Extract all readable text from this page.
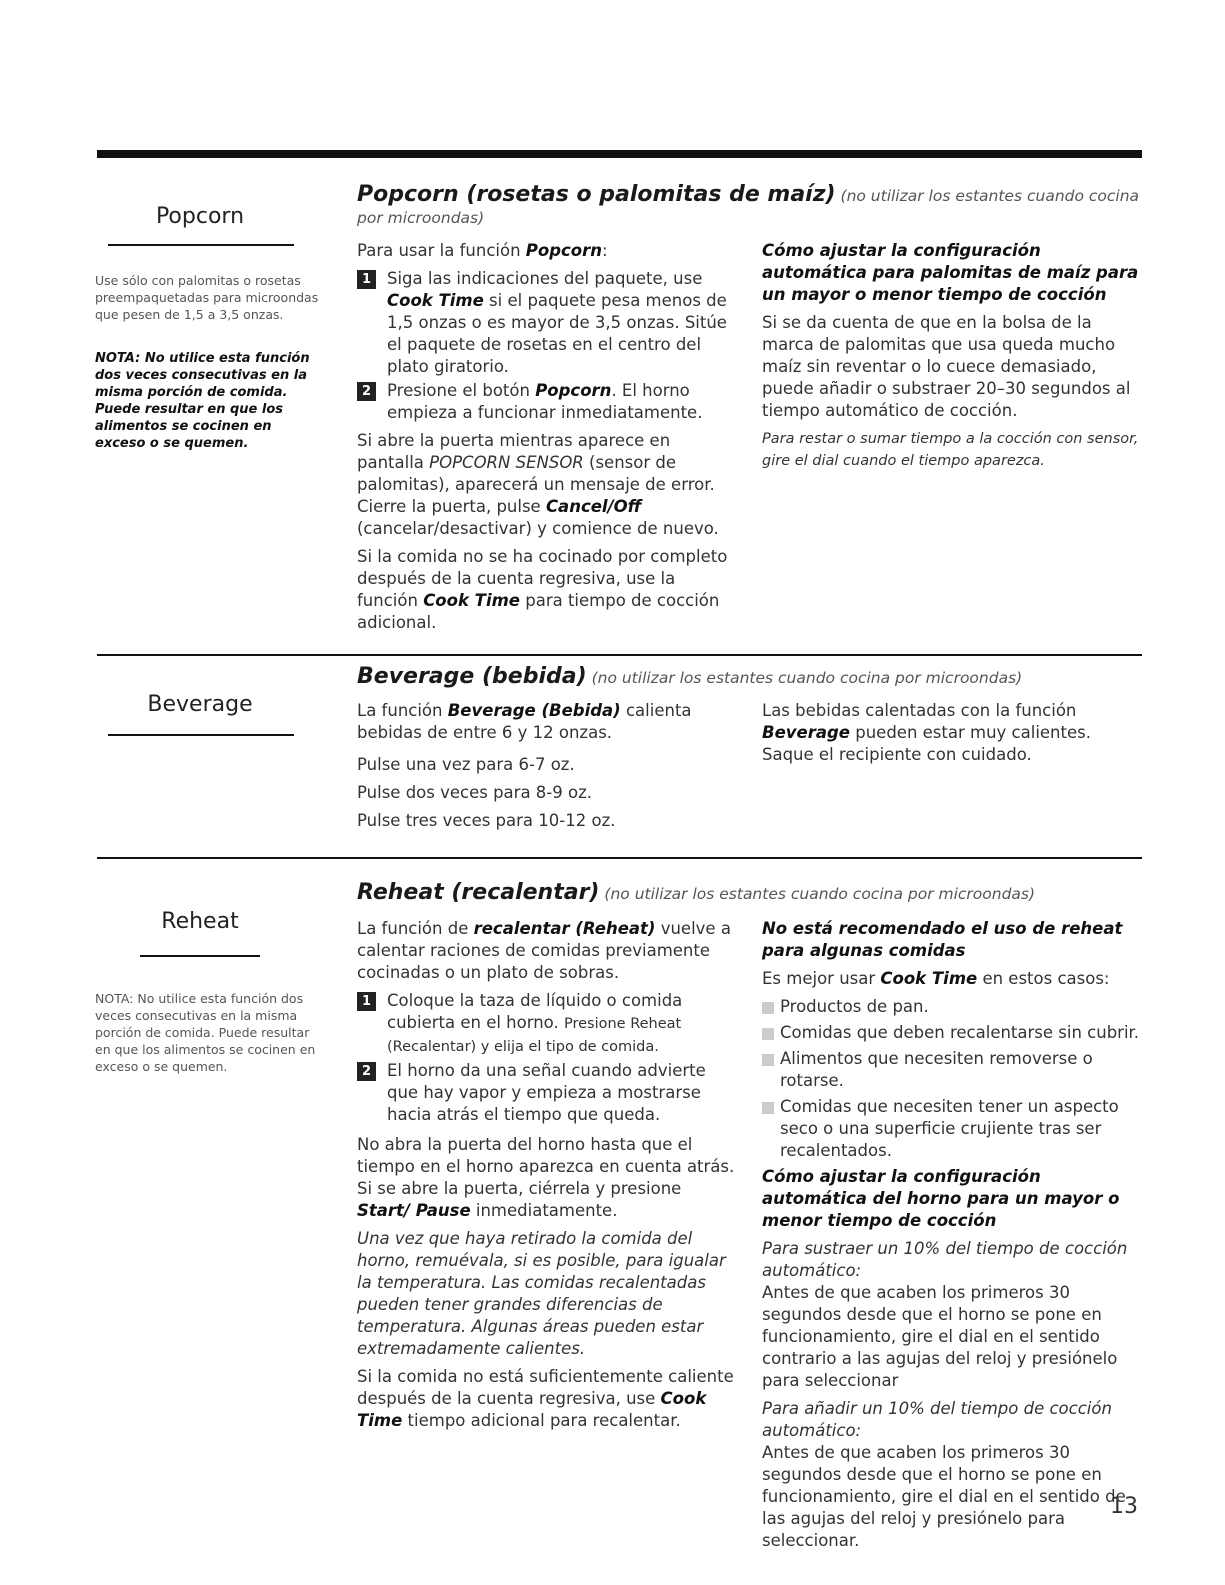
Popcorn

Use sólo con palomitas o rosetas preempaquetadas para microondas que pesen de 1,5 a 3,5 onzas.

NOTA: No utilice esta función dos veces consecutivas en la misma porción de comida. Puede resultar en que los alimentos se cocinen en exceso o se quemen.

Popcorn (rosetas o palomitas de maíz) (no utilizar los estantes cuando cocina por microondas)

Para usar la función Popcorn:

1 Siga las indicaciones del paquete, use Cook Time si el paquete pesa menos de 1,5 onzas o es mayor de 3,5 onzas. Sitúe el paquete de rosetas en el centro del plato giratorio.

2 Presione el botón Popcorn. El horno empieza a funcionar inmediatamente.

Si abre la puerta mientras aparece en pantalla POPCORN SENSOR (sensor de palomitas), aparecerá un mensaje de error. Cierre la puerta, pulse Cancel/Off (cancelar/desactivar) y comience de nuevo.

Si la comida no se ha cocinado por completo después de la cuenta regresiva, use la función Cook Time para tiempo de cocción adicional.

Cómo ajustar la configuración automática para palomitas de maíz para un mayor o menor tiempo de cocción

Si se da cuenta de que en la bolsa de la marca de palomitas que usa queda mucho maíz sin reventar o lo cuece demasiado, puede añadir o substraer 20–30 segundos al tiempo automático de cocción.

Para restar o sumar tiempo a la cocción con sensor, gire el dial cuando el tiempo aparezca.

Beverage

Beverage (bebida) (no utilizar los estantes cuando cocina por microondas)

La función Beverage (Bebida) calienta bebidas de entre 6 y 12 onzas.

Pulse una vez para 6-7 oz.

Pulse dos veces para 8-9 oz.

Pulse tres veces para 10-12 oz.

Las bebidas calentadas con la función Beverage pueden estar muy calientes. Saque el recipiente con cuidado.

Reheat

NOTA: No utilice esta función dos veces consecutivas en la misma porción de comida. Puede resultar en que los alimentos se cocinen en exceso o se quemen.

Reheat (recalentar) (no utilizar los estantes cuando cocina por microondas)

La función de recalentar (Reheat) vuelve a calentar raciones de comidas previamente cocinadas o un plato de sobras.

1 Coloque la taza de líquido o comida cubierta en el horno. Presione Reheat (Recalentar) y elija el tipo de comida.

2 El horno da una señal cuando advierte que hay vapor y empieza a mostrarse hacia atrás el tiempo que queda.

No abra la puerta del horno hasta que el tiempo en el horno aparezca en cuenta atrás. Si se abre la puerta, ciérrela y presione Start/ Pause inmediatamente.

Una vez que haya retirado la comida del horno, remuévala, si es posible, para igualar la temperatura. Las comidas recalentadas pueden tener grandes diferencias de temperatura. Algunas áreas pueden estar extremadamente calientes.

Si la comida no está suficientemente caliente después de la cuenta regresiva, use Cook Time tiempo adicional para recalentar.

No está recomendado el uso de reheat para algunas comidas

Es mejor usar Cook Time en estos casos:

Productos de pan.

Comidas que deben recalentarse sin cubrir.

Alimentos que necesiten removerse o rotarse.

Comidas que necesiten tener un aspecto seco o una superficie crujiente tras ser recalentados.

Cómo ajustar la configuración automática del horno para un mayor o menor tiempo de cocción

Para sustraer un 10% del tiempo de cocción automático:

Antes de que acaben los primeros 30 segundos desde que el horno se pone en funcionamiento, gire el dial en el sentido contrario a las agujas del reloj y presiónelo para seleccionar

Para añadir un 10% del tiempo de cocción automático:

Antes de que acaben los primeros 30 segundos desde que el horno se pone en funcionamiento, gire el dial en el sentido de las agujas del reloj y presiónelo para seleccionar.

13
